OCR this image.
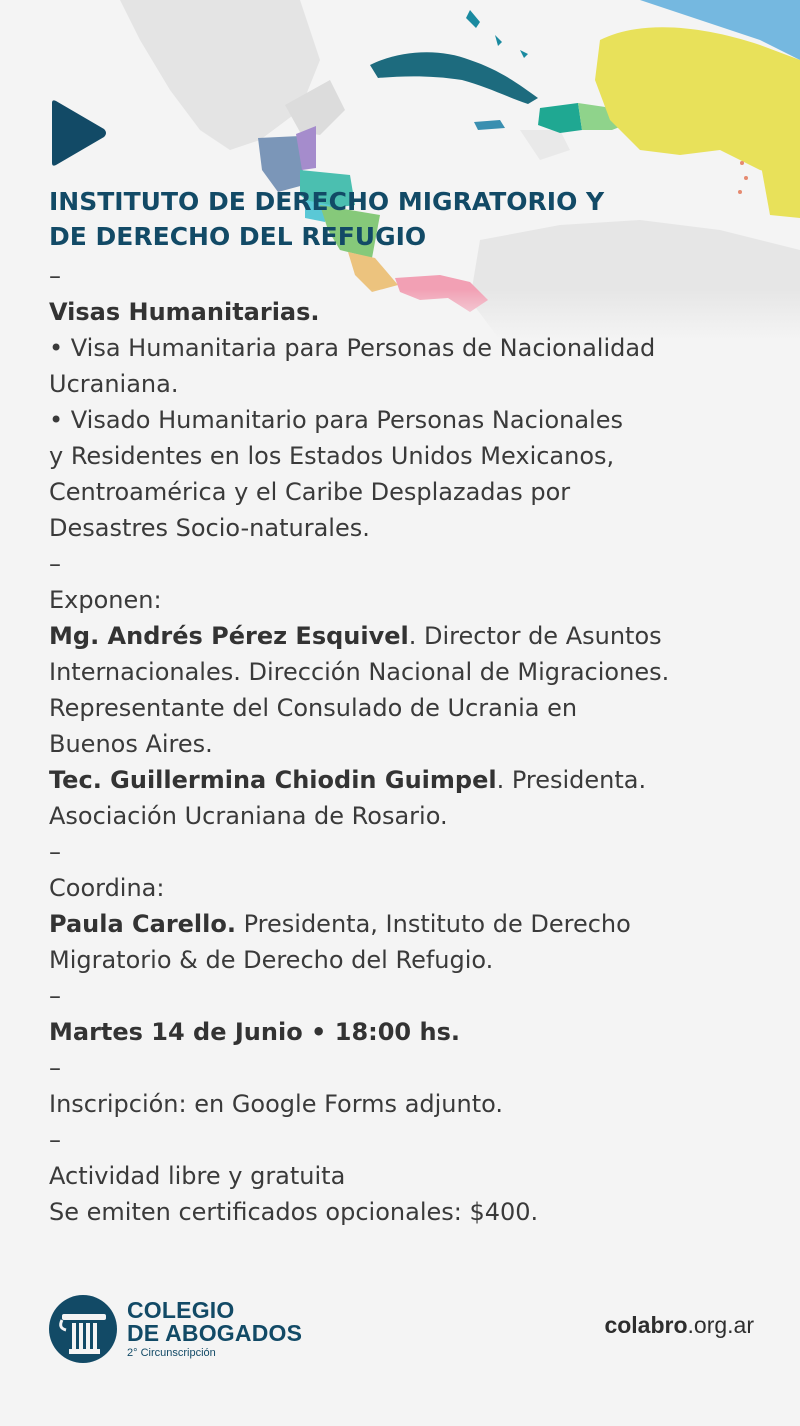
INSTITUTO DE DERECHO MIGRATORIO Y
DE DERECHO DEL REFUGIO
–
Visas Humanitarias.
• Visa Humanitaria para Personas de Nacionalidad
Ucraniana.
• Visado Humanitario para Personas Nacionales
y Residentes en los Estados Unidos Mexicanos,
Centroamérica y el Caribe Desplazadas por
Desastres Socio-naturales.
–
Exponen:
Mg. Andrés Pérez Esquivel. Director de Asuntos
Internacionales. Dirección Nacional de Migraciones.
Representante del Consulado de Ucrania en
Buenos Aires.
Tec. Guillermina Chiodin Guimpel. Presidenta.
Asociación Ucraniana de Rosario.
–
Coordina:
Paula Carello. Presidenta, Instituto de Derecho
Migratorio & de Derecho del Refugio.
–
Martes 14 de Junio • 18:00 hs.
–
Inscripción: en Google Forms adjunto.
–
Actividad libre y gratuita
Se emiten certificados opcionales: $400.
COLEGIO
DE ABOGADOS
2° Circunscripción
colabro.org.ar
